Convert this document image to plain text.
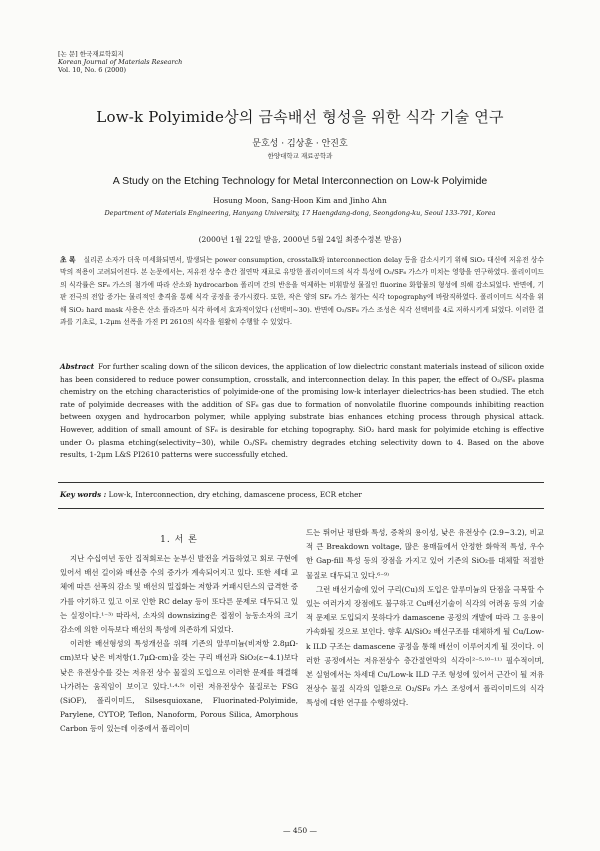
[논 문] 한국재료학회지
Korean Journal of Materials Research
Vol. 10, No. 6 (2000)
Low-k Polyimide상의 금속배선 형성을 위한 식각 기술 연구
문호성 · 김상훈 · 안진호
한양대학교 재료공학과
A Study on the Etching Technology for Metal Interconnection on Low-k Polyimide
Hosung Moon, Sang-Hoon Kim and Jinho Ahn
Department of Materials Engineering, Hanyang University, 17 Haengdang-dong, Seongdong-ku, Seoul 133-791, Korea
(2000년 1월 22일 받음, 2000년 5월 24일 최종수정본 받음)
초 록 실리콘 소자가 더욱 미세화되면서, 발생되는 power consumption, crosstalk와 interconnection delay 등을 감소시키기 위해 SiO₂ 대신에 저유전 상수막의 적용이 고려되어진다. 본 논문에서는, 저유전 상수 층간 절연막 재료로 유망한 폴리이미드의 식각 특성에 O₂/SF₆ 가스가 미치는 영향을 연구하였다. 폴리이미드의 식각률은 SF₆ 가스의 첨가에 따라 산소와 hydrocarbon 폴리머 간의 반응을 억제하는 비휘발성 물질인 fluorine 화합물의 형성에 의해 감소되었다. 반면에, 기판 전극의 전압 증가는 물리적인 충격을 통해 식각 공정을 증가시켰다. 또한, 작은 양의 SF₆ 가스 첨가는 식각 topography에 바람직하였다. 폴리이미드 식각을 위해 SiO₂ hard mask 사용은 산소 플라즈마 식각 하에서 효과적이었다 (선택비~30). 반면에 O₂/SF₆ 가스 조성은 식각 선택비를 4로 저하시키게 되었다. 이러한 결과를 기초로, 1-2μm 선폭을 가진 PI 2610의 식각을 원활히 수행할 수 있었다.
Abstract For further scaling down of the silicon devices, the application of low dielectric constant materials instead of silicon oxide has been considered to reduce power consumption, crosstalk, and interconnection delay. In this paper, the effect of O₂/SF₆ plasma chemistry on the etching characteristics of polyimide-one of the promising low-k interlayer dielectrics-has been studied. The etch rate of polyimide decreases with the addition of SF₆ gas due to formation of nonvolatile fluorine compounds inhibiting reaction between oxygen and hydrocarbon polymer, while applying substrate bias enhances etching process through physical attack. However, addition of small amount of SF₆ is desirable for etching topography. SiO₂ hard mask for polyimide etching is effective under O₂ plasma etching(selectivity~30), while O₂/SF₆ chemistry degrades etching selectivity down to 4. Based on the above results, 1-2μm L&S PI2610 patterns were successfully etched.
Key words : Low-k, Interconnection, dry etching, damascene process, ECR etcher
1. 서 론

지난 수십여년 동안 집적회로는 눈부신 발전을 거듭하였고 회로 구현에 있어서 배선 길이와 배선층 수의 증가가 계속되어지고 있다. 또한 세대 교체에 따른 선폭의 감소 및 배선의 밀집화는 저항과 커패시턴스의 급격한 증가를 야기하고 있고 이로 인한 RC delay 등이 또다른 문제로 대두되고 있는 실정이다.¹⁻³⁾ 따라서, 소자의 downsizing은 접점이 능동소자의 크기 감소에 의한 이득보다 배선의 특성에 의존하게 되었다.

이러한 배선형성의 특성개선을 위해 기존의 알루미늄(비저항 2.8μΩ-cm)보다 낮은 비저항(1.7μΩ-cm)을 갖는 구리 배선과 SiO₂(ε~4.1)보다 낮은 유전상수를 갖는 저유전 상수 물질의 도입으로 이러한 문제를 해결해 나가려는 움직임이 보이고 있다.¹·⁴·⁵⁾ 이런 저유전상수 물질로는 FSG (SiOF), 폴리이미드, Silsesquioxane, Fluorinated-Polyimide, Parylene, CYTOP, Teflon, Nanoform, Porous Silica, Amorphous Carbon 등이 있는데 이중에서 폴리이미

드는 뛰어난 평탄화 특성, 증착의 용이성, 낮은 유전상수 (2.9~3.2), 비교적 큰 Breakdown voltage, 많은 용매들에서 안정한 화학적 특성, 우수한 Gap-fill 특성 등의 장점을 가지고 있어 기존의 SiO₂를 대체할 적절한 물질로 대두되고 있다.⁶⁻⁹⁾

그런 배선기술에 있어 구리(Cu)의 도입은 알루미늄의 단점을 극복할 수 있는 여러가지 장점에도 불구하고 Cu배선기술이 식각의 어려움 등의 기술적 문제로 도입되지 못하다가 damascene 공정의 개발에 따라 그 응용이 가속화될 것으로 보인다. 향후 Al/SiO₂ 배선구조를 대체하게 될 Cu/Low-k ILD 구조는 damascene 공정을 통해 배선이 이루어지게 될 것이다. 이러한 공정에서는 저유전상수 층간절연막의 식각이²⁻⁵·¹⁰⁻¹¹⁾ 필수적이며, 본 실험에서는 차세대 Cu/Low-k ILD 구조 형성에 있어서 근간이 될 저유전상수 물질 식각의 일환으로 O₂/SF₆ 가스 조성에서 폴리이미드의 식각 특성에 대한 연구를 수행하였다.

— 450 —
